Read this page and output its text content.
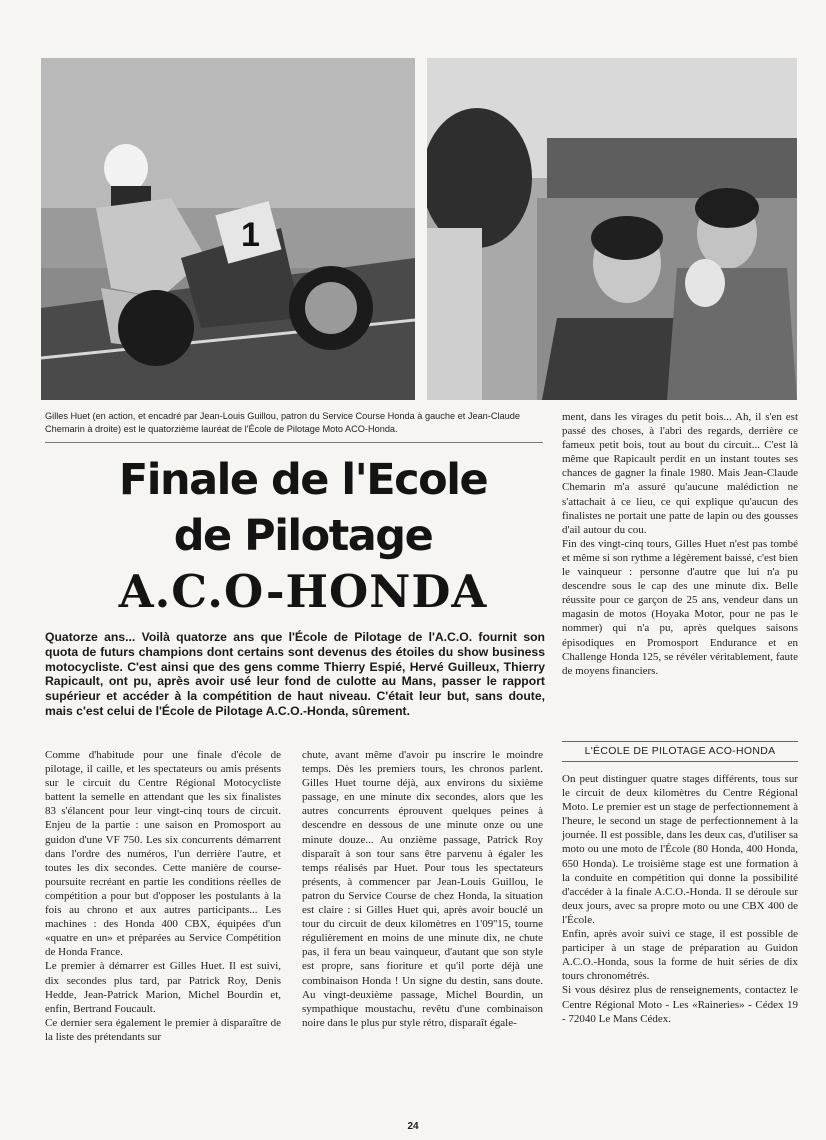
1
Gilles Huet (en action, et encadré par Jean-Louis Guillou, patron du Service Course Honda à gauche et Jean-Claude Chemarin à droite) est le quatorzième lauréat de l'École de Pilotage Moto ACO-Honda.
Finale de l'Ecole
de Pilotage
A.C.O-HONDA
Quatorze ans... Voilà quatorze ans que l'École de Pilotage de l'A.C.O. fournit son quota de futurs champions dont certains sont devenus des étoiles du show business motocycliste. C'est ainsi que des gens comme Thierry Espié, Hervé Guilleux, Thierry Rapicault, ont pu, après avoir usé leur fond de culotte au Mans, passer le rapport supérieur et accéder à la compétition de haut niveau. C'était leur but, sans doute, mais c'est celui de l'École de Pilotage A.C.O.-Honda, sûrement.

Comme d'habitude pour une finale d'école de pilotage, il caille, et les spectateurs ou amis présents sur le circuit du Centre Régional Motocycliste battent la semelle en attendant que les six finalistes 83 s'élancent pour leur vingt-cinq tours de circuit. Enjeu de la partie : une saison en Promosport au guidon d'une VF 750. Les six concurrents démarrent dans l'ordre des numéros, l'un derrière l'autre, et toutes les dix secondes. Cette manière de course-poursuite recréant en partie les conditions réelles de compétition a pour but d'opposer les postulants à la fois au chrono et aux autres participants... Les machines : des Honda 400 CBX, équipées d'un «quatre en un» et préparées au Service Compétition de Honda France.

Le premier à démarrer est Gilles Huet. Il est suivi, dix secondes plus tard, par Patrick Roy, Denis Hedde, Jean-Patrick Marion, Michel Bourdin et, enfin, Bertrand Foucault.

Ce dernier sera également le premier à disparaître de la liste des prétendants sur

chute, avant même d'avoir pu inscrire le moindre temps. Dès les premiers tours, les chronos parlent. Gilles Huet tourne déjà, aux environs du sixième passage, en une minute dix secondes, alors que les autres concurrents éprouvent quelques peines à descendre en dessous de une minute onze ou une minute douze... Au onzième passage, Patrick Roy disparaît à son tour sans être parvenu à égaler les temps réalisés par Huet. Pour tous les spectateurs présents, à commencer par Jean-Louis Guillou, le patron du Service Course de chez Honda, la situation est claire : si Gilles Huet qui, après avoir bouclé un tour du circuit de deux kilomètres en 1'09''15, tourne régulièrement en moins de une minute dix, ne chute pas, il fera un beau vainqueur, d'autant que son style est propre, sans fioriture et qu'il porte déjà une combinaison Honda ! Un signe du destin, sans doute. Au vingt-deuxième passage, Michel Bourdin, un sympathique moustachu, revêtu d'une combinaison noire dans le plus pur style rétro, disparaît égale-

ment, dans les virages du petit bois... Ah, il s'en est passé des choses, à l'abri des regards, derrière ce fameux petit bois, tout au bout du circuit... C'est là même que Rapicault perdit en un instant toutes ses chances de gagner la finale 1980. Mais Jean-Claude Chemarin m'a assuré qu'aucune malédiction ne s'attachait à ce lieu, ce qui explique qu'aucun des finalistes ne portait une patte de lapin ou des gousses d'ail autour du cou.

Fin des vingt-cinq tours, Gilles Huet n'est pas tombé et même si son rythme a légèrement baissé, c'est bien le vainqueur : personne d'autre que lui n'a pu descendre sous le cap des une minute dix. Belle réussite pour ce garçon de 25 ans, vendeur dans un magasin de motos (Hoyaka Motor, pour ne pas le nommer) qui n'a pu, après quelques saisons épisodiques en Promosport Endurance et en Challenge Honda 125, se révéler véritablement, faute de moyens financiers.

L'ÉCOLE DE PILOTAGE ACO-HONDA

On peut distinguer quatre stages différents, tous sur le circuit de deux kilomètres du Centre Régional Moto. Le premier est un stage de perfectionnement à l'heure, le second un stage de perfectionnement à la journée. Il est possible, dans les deux cas, d'utiliser sa moto ou une moto de l'École (80 Honda, 400 Honda, 650 Honda). Le troisième stage est une formation à la conduite en compétition qui donne la possibilité d'accéder à la finale A.C.O.-Honda. Il se déroule sur deux jours, avec sa propre moto ou une CBX 400 de l'École.

Enfin, après avoir suivi ce stage, il est possible de participer à un stage de préparation au Guidon A.C.O.-Honda, sous la forme de huit séries de dix tours chronométrés.

Si vous désirez plus de renseignements, contactez le Centre Régional Moto - Les «Raineries» - Cédex 19 - 72040 Le Mans Cédex.

24
